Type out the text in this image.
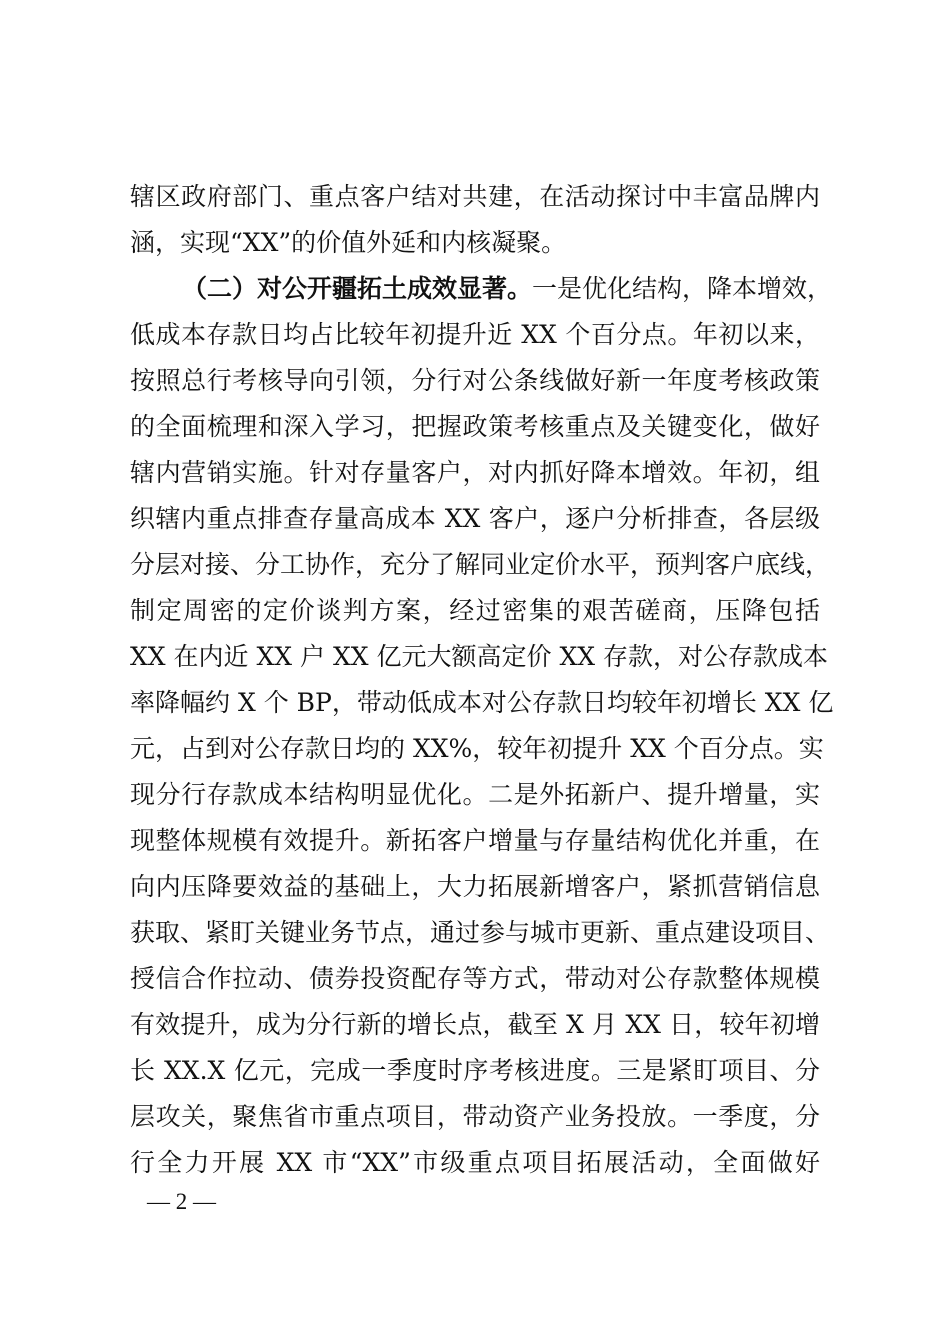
辖区政府部门、重点客户结对共建，在活动探讨中丰富品牌内
涵，实现“XX”的价值外延和内核凝聚。
（二）对公开疆拓土成效显著。一是优化结构，降本增效，
低成本存款日均占比较年初提升近 XX 个百分点。年初以来，
按照总行考核导向引领，分行对公条线做好新一年度考核政策
的全面梳理和深入学习，把握政策考核重点及关键变化，做好
辖内营销实施。针对存量客户，对内抓好降本增效。年初，组
织辖内重点排查存量高成本 XX 客户，逐户分析排查，各层级
分层对接、分工协作，充分了解同业定价水平，预判客户底线，
制定周密的定价谈判方案，经过密集的艰苦磋商，压降包括
XX 在内近 XX 户 XX 亿元大额高定价 XX 存款，对公存款成本
率降幅约 X 个 BP，带动低成本对公存款日均较年初增长 XX 亿
元，占到对公存款日均的 XX%，较年初提升 XX 个百分点。实
现分行存款成本结构明显优化。二是外拓新户、提升增量，实
现整体规模有效提升。新拓客户增量与存量结构优化并重，在
向内压降要效益的基础上，大力拓展新增客户，紧抓营销信息
获取、紧盯关键业务节点，通过参与城市更新、重点建设项目、
授信合作拉动、债券投资配存等方式，带动对公存款整体规模
有效提升，成为分行新的增长点，截至 X 月 XX 日，较年初增
长 XX.X 亿元，完成一季度时序考核进度。三是紧盯项目、分
层攻关，聚焦省市重点项目，带动资产业务投放。一季度，分
行全力开展 XX 市“XX”市级重点项目拓展活动，全面做好
— 2 —
